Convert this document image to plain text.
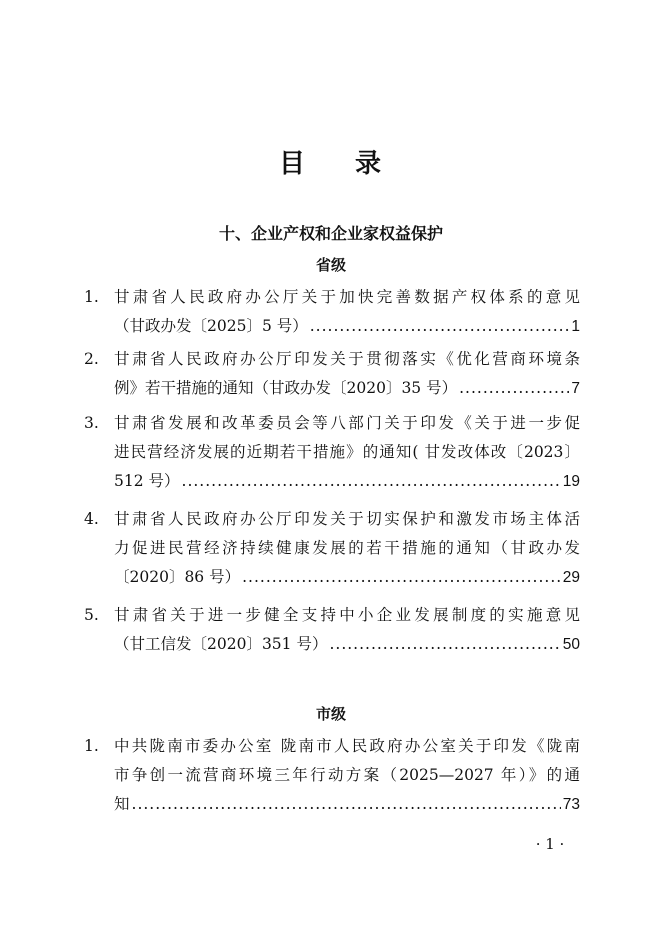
目 录
十、企业产权和企业家权益保护
省级
1. 甘肃省人民政府办公厅关于加快完善数据产权体系的意见
（甘政办发〔2025〕5 号） .....	1
2. 甘肃省人民政府办公厅印发关于贯彻落实《优化营商环境条
例》若干措施的通知（甘政办发〔2020〕35 号） .....	7
3. 甘肃省发展和改革委员会等八部门关于印发《关于进一步促
进民营经济发展的近期若干措施》的通知( 甘发改体改〔2023〕
512 号） .....	19
4. 甘肃省人民政府办公厅印发关于切实保护和激发市场主体活
力促进民营经济持续健康发展的若干措施的通知（甘政办发
〔2020〕86 号） .....	29
5. 甘肃省关于进一步健全支持中小企业发展制度的实施意见
（甘工信发〔2020〕351 号） .....	50
市级
1. 中共陇南市委办公室 陇南市人民政府办公室关于印发《陇南
市争创一流营商环境三年行动方案（2025—2027 年）》的通
知 .....	73
· 1 ·
